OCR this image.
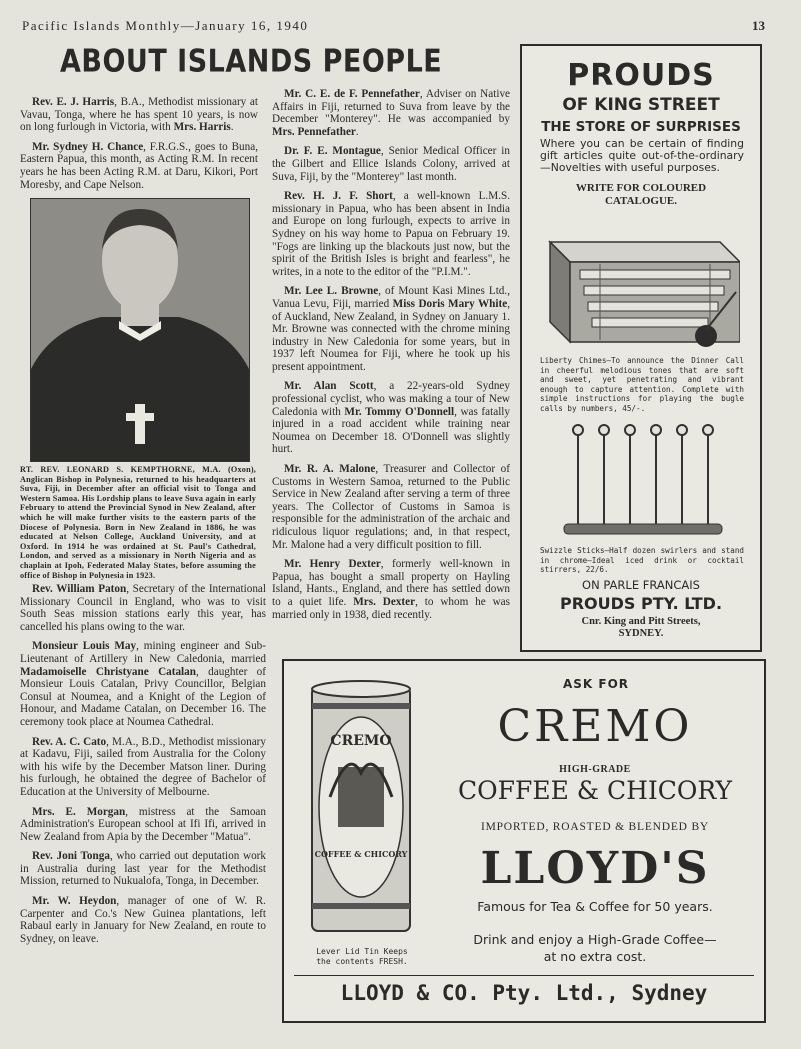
Pacific Islands Monthly—January 16, 1940	13
ABOUT ISLANDS PEOPLE

Rev. E. J. Harris, B.A., Methodist missionary at Vavau, Tonga, where he has spent 10 years, is now on long furlough in Victoria, with Mrs. Harris.

Mr. Sydney H. Chance, F.R.G.S., goes to Buna, Eastern Papua, this month, as Acting R.M. In recent years he has been Acting R.M. at Daru, Kikori, Port Moresby, and Cape Nelson.

RT. REV. LEONARD S. KEMPTHORNE, M.A. (Oxon), Anglican Bishop in Polynesia, returned to his headquarters at Suva, Fiji, in December after an official visit to Tonga and Western Samoa. His Lordship plans to leave Suva again in early February to attend the Provincial Synod in New Zealand, after which he will make further visits to the eastern parts of the Diocese of Polynesia. Born in New Zealand in 1886, he was educated at Nelson College, Auckland University, and at Oxford. In 1914 he was ordained at St. Paul's Cathedral, London, and served as a missionary in North Nigeria and as chaplain at Ipoh, Federated Malay States, before assuming the office of Bishop in Polynesia in 1923.

Rev. William Paton, Secretary of the International Missionary Council in England, who was to visit South Seas mission stations early this year, has cancelled his plans owing to the war.

Monsieur Louis May, mining engineer and Sub-Lieutenant of Artillery in New Caledonia, married Madamoiselle Christyane Catalan, daughter of Monsieur Louis Catalan, Privy Councillor, Belgian Consul at Noumea, and a Knight of the Legion of Honour, and Madame Catalan, on December 16. The ceremony took place at Noumea Cathedral.

Rev. A. C. Cato, M.A., B.D., Methodist missionary at Kadavu, Fiji, sailed from Australia for the Colony with his wife by the December Matson liner. During his furlough, he obtained the degree of Bachelor of Education at the University of Melbourne.

Mrs. E. Morgan, mistress at the Samoan Administration's European school at Ifi Ifi, arrived in New Zealand from Apia by the December "Matua".

Rev. Joni Tonga, who carried out deputation work in Australia during last year for the Methodist Mission, returned to Nukualofa, Tonga, in December.

Mr. W. Heydon, manager of one of W. R. Carpenter and Co.'s New Guinea plantations, left Rabaul early in January for New Zealand, en route to Sydney, on leave.

Mr. C. E. de F. Pennefather, Adviser on Native Affairs in Fiji, returned to Suva from leave by the December "Monterey". He was accompanied by Mrs. Pennefather.

Dr. F. E. Montague, Senior Medical Officer in the Gilbert and Ellice Islands Colony, arrived at Suva, Fiji, by the "Monterey" last month.

Rev. H. J. F. Short, a well-known L.M.S. missionary in Papua, who has been absent in India and Europe on long furlough, expects to arrive in Sydney on his way home to Papua on February 19. "Fogs are linking up the blackouts just now, but the spirit of the British Isles is bright and fearless", he writes, in a note to the editor of the "P.I.M.".

Mr. Lee L. Browne, of Mount Kasi Mines Ltd., Vanua Levu, Fiji, married Miss Doris Mary White, of Auckland, New Zealand, in Sydney on January 1. Mr. Browne was connected with the chrome mining industry in New Caledonia for some years, but in 1937 left Noumea for Fiji, where he took up his present appointment.

Mr. Alan Scott, a 22-years-old Sydney professional cyclist, who was making a tour of New Caledonia with Mr. Tommy O'Donnell, was fatally injured in a road accident while training near Noumea on December 18. O'Donnell was slightly hurt.

Mr. R. A. Malone, Treasurer and Collector of Customs in Western Samoa, returned to the Public Service in New Zealand after serving a term of three years. The Collector of Customs in Samoa is responsible for the administration of the archaic and ridiculous liquor regulations; and, in that respect, Mr. Malone had a very difficult position to fill.

Mr. Henry Dexter, formerly well-known in Papua, has bought a small property on Hayling Island, Hants., England, and there has settled down to a quiet life. Mrs. Dexter, to whom he was married only in 1938, died recently.

PROUDS
OF KING STREET
THE STORE OF SURPRISES
Where you can be certain of finding gift articles quite out-of-the-ordinary—Novelties with useful purposes.
WRITE FOR COLOURED CATALOGUE.
Liberty Chimes—To announce the Dinner Call in cheerful melodious tones that are soft and sweet, yet penetrating and vibrant enough to capture attention. Complete with simple instructions for playing the bugle calls by numbers, 45/-.
Swizzle Sticks—Half dozen swirlers and stand in chrome—Ideal iced drink or cocktail stirrers, 22/6.
ON PARLE FRANCAIS
PROUDS PTY. LTD.
Cnr. King and Pitt Streets,
SYDNEY.
CREMO
COFFEE & CHICORY
Lever Lid Tin Keeps
the contents FRESH.
ASK FOR
CREMO
HIGH-GRADE
COFFEE & CHICORY
IMPORTED, ROASTED & BLENDED BY
LLOYD'S
Famous for Tea & Coffee for 50 years.
Drink and enjoy a High-Grade Coffee—
at no extra cost.
LLOYD & CO. Pty. Ltd., Sydney
